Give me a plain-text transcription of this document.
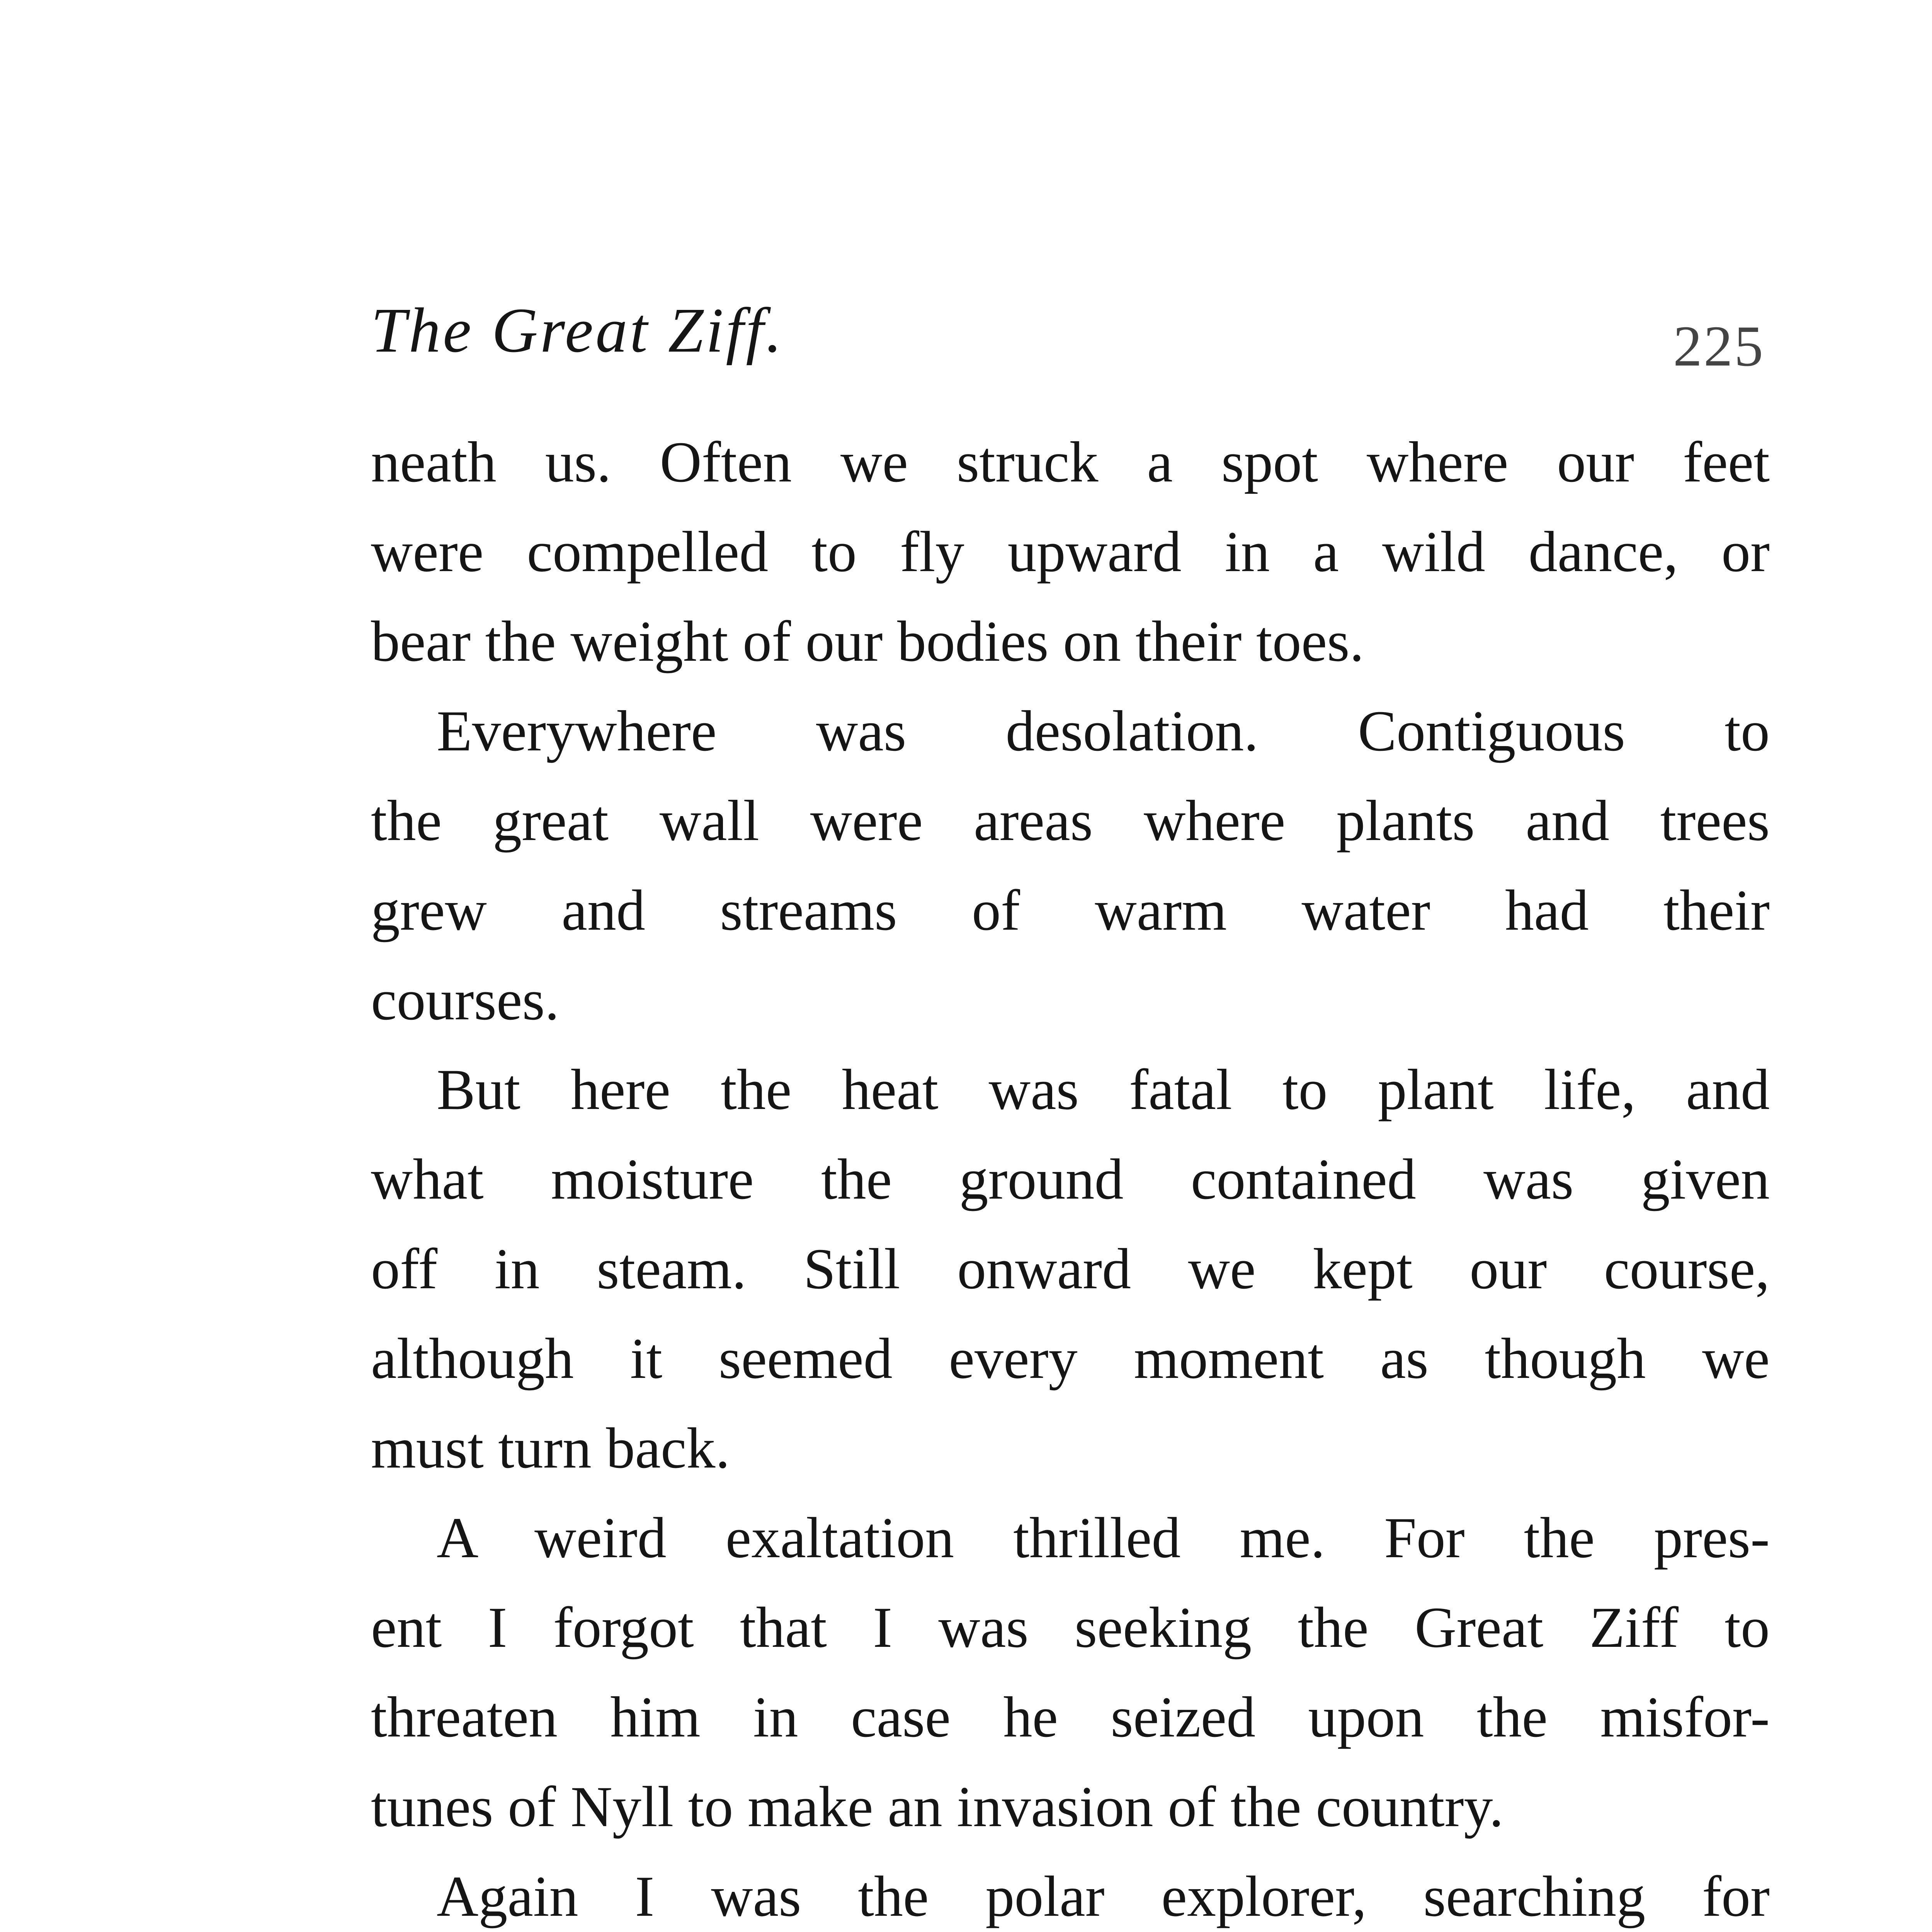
The Great Ziff.	225
neath us. Often we struck a spot where our feet
were compelled to fly upward in a wild dance, or
bear the weight of our bodies on their toes.
Everywhere was desolation. Contiguous to
the great wall were areas where plants and trees
grew and streams of warm water had their
courses.
But here the heat was fatal to plant life, and
what moisture the ground contained was given
off in steam. Still onward we kept our course,
although it seemed every moment as though we
must turn back.
A weird exaltation thrilled me. For the pres-
ent I forgot that I was seeking the Great Ziff to
threaten him in case he seized upon the misfor-
tunes of Nyll to make an invasion of the country.
Again I was the polar explorer, searching for
